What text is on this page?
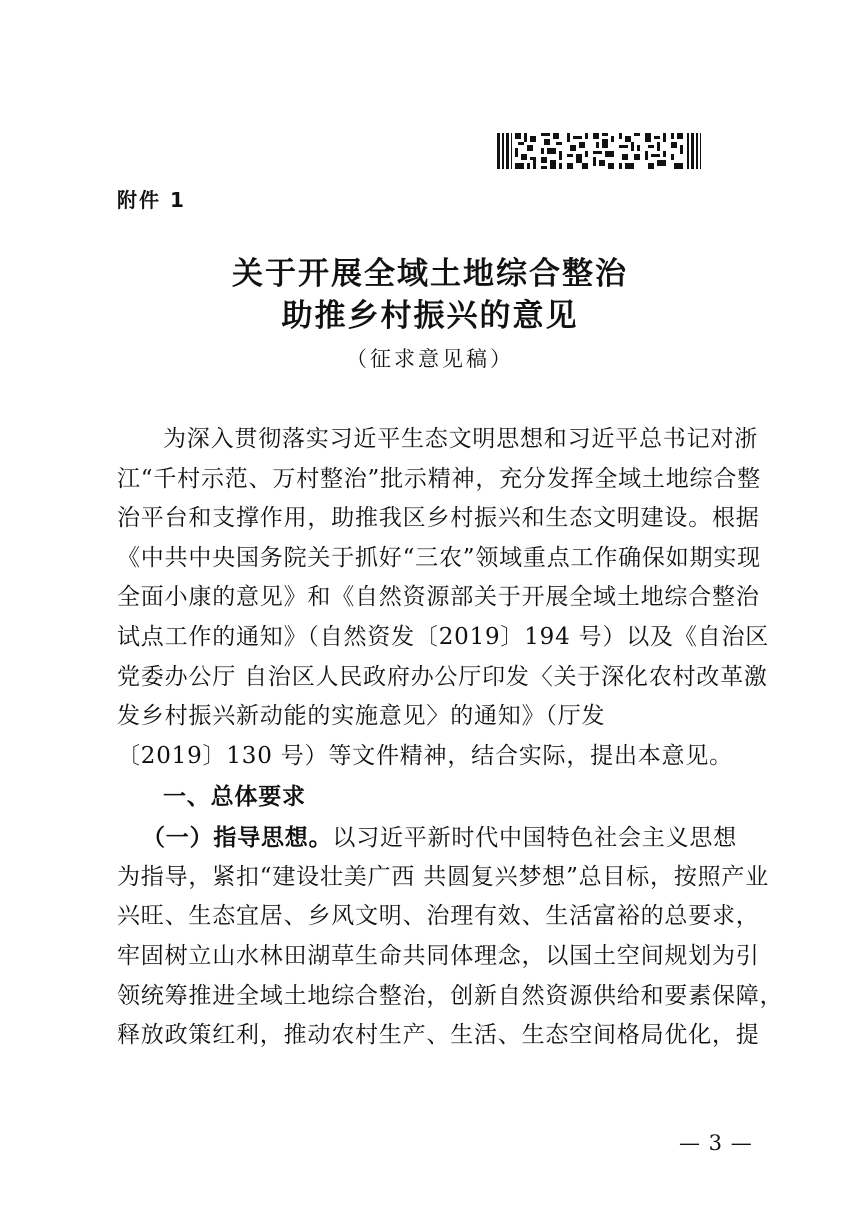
附件 1
关于开展全域土地综合整治
助推乡村振兴的意见
（征求意见稿）
为深入贯彻落实习近平生态文明思想和习近平总书记对浙
江“千村示范、万村整治”批示精神，充分发挥全域土地综合整
治平台和支撑作用，助推我区乡村振兴和生态文明建设。根据
《中共中央国务院关于抓好“三农”领域重点工作确保如期实现
全面小康的意见》和《自然资源部关于开展全域土地综合整治
试点工作的通知》（自然资发〔2019〕194 号）以及《自治区
党委办公厅 自治区人民政府办公厅印发〈关于深化农村改革激
发乡村振兴新动能的实施意见〉的通知》（厅发
〔2019〕130 号）等文件精神，结合实际，提出本意见。
一、总体要求
（一）指导思想。以习近平新时代中国特色社会主义思想
为指导，紧扣“建设壮美广西 共圆复兴梦想”总目标，按照产业
兴旺、生态宜居、乡风文明、治理有效、生活富裕的总要求，
牢固树立山水林田湖草生命共同体理念，以国土空间规划为引
领统筹推进全域土地综合整治，创新自然资源供给和要素保障，
释放政策红利，推动农村生产、生活、生态空间格局优化，提
— 3 —
